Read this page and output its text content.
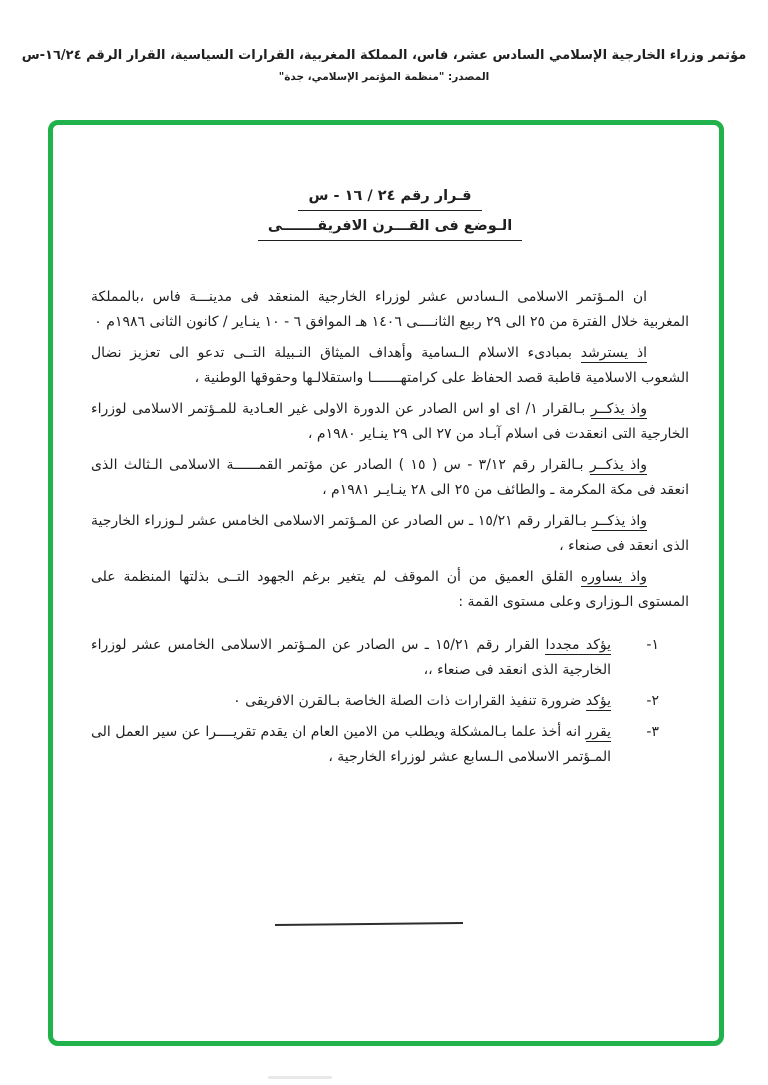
مؤتمر وزراء الخارجية الإسلامي السادس عشر، فاس، المملكة المغربية، القرارات السياسية، القرار الرقم ١٦/٢٤-س
المصدر: "منظمة المؤتمر الإسلامي، جدة"
قـرار رقم ٢٤ / ١٦ - س
الـوضع فى القـــرن الافريقـــــــى

ان المـؤتمر الاسلامى الـسادس عشر لوزراء الخارجية المنعقد فى مدينـــة فاس ،بالمملكة المغربية خلال الفترة من ٢٥ الى ٢٩ ربيع الثانــــى ١٤٠٦ هـ الموافق ٦ - ١٠ ينـاير / كانون الثانى ١٩٨٦م ٠

اذ يسترشد بمبادىء الاسلام الـسامية وأهداف الميثاق النـبيلة التــى تدعو الى تعزيز نضال الشعوب الاسلامية قاطبة قصد الحفاظ على كرامتهـــــــا واستقلالـها وحقوقها الوطنية ،

واذ يذكــر بـالقرار ١/ اى او اس الصادر عن الدورة الاولى غير العـادية للمـؤتمر الاسلامى لوزراء الخارجية التى انعقدت فى اسلام آبـاد من ٢٧ الى ٢٩ ينـاير ١٩٨٠م ،

واذ يذكــر بـالقرار رقم ٣/١٢ - س ( ١٥ ) الصادر عن مؤتمر القمــــــة الاسلامى الـثالث الذى انعقد فى مكة المكرمة ـ والطائف من ٢٥ الى ٢٨ ينـايـر ١٩٨١م ،

واذ يذكــر بـالقرار رقم ١٥/٢١ ـ س الصادر عن المـؤتمر الاسلامى الخامس عشر لـوزراء الخارجية الذى انعقد فى صنعاء ،

واذ يساوره القلق العميق من أن الموقف لم يتغير برغم الجهود التــى بذلتها المنظمة على المستوى الـوزارى وعلى مستوى القمة :

١-

يؤكد مجددا القرار رقم ١٥/٢١ ـ س الصادر عن المـؤتمر الاسلامى الخامس عشر لوزراء الخارجية الذى انعقد فى صنعاء ،،

٢-

يؤكد ضرورة تنفيذ القرارات ذات الصلة الخاصة بـالقرن الافريقى ٠

٣-

يقرر انه أخذ علما بـالمشكلة ويطلب من الامين العام ان يقدم تقريــــرا عن سير العمل الى المـؤتمر الاسلامى الـسابع عشر لوزراء الخارجية ،
